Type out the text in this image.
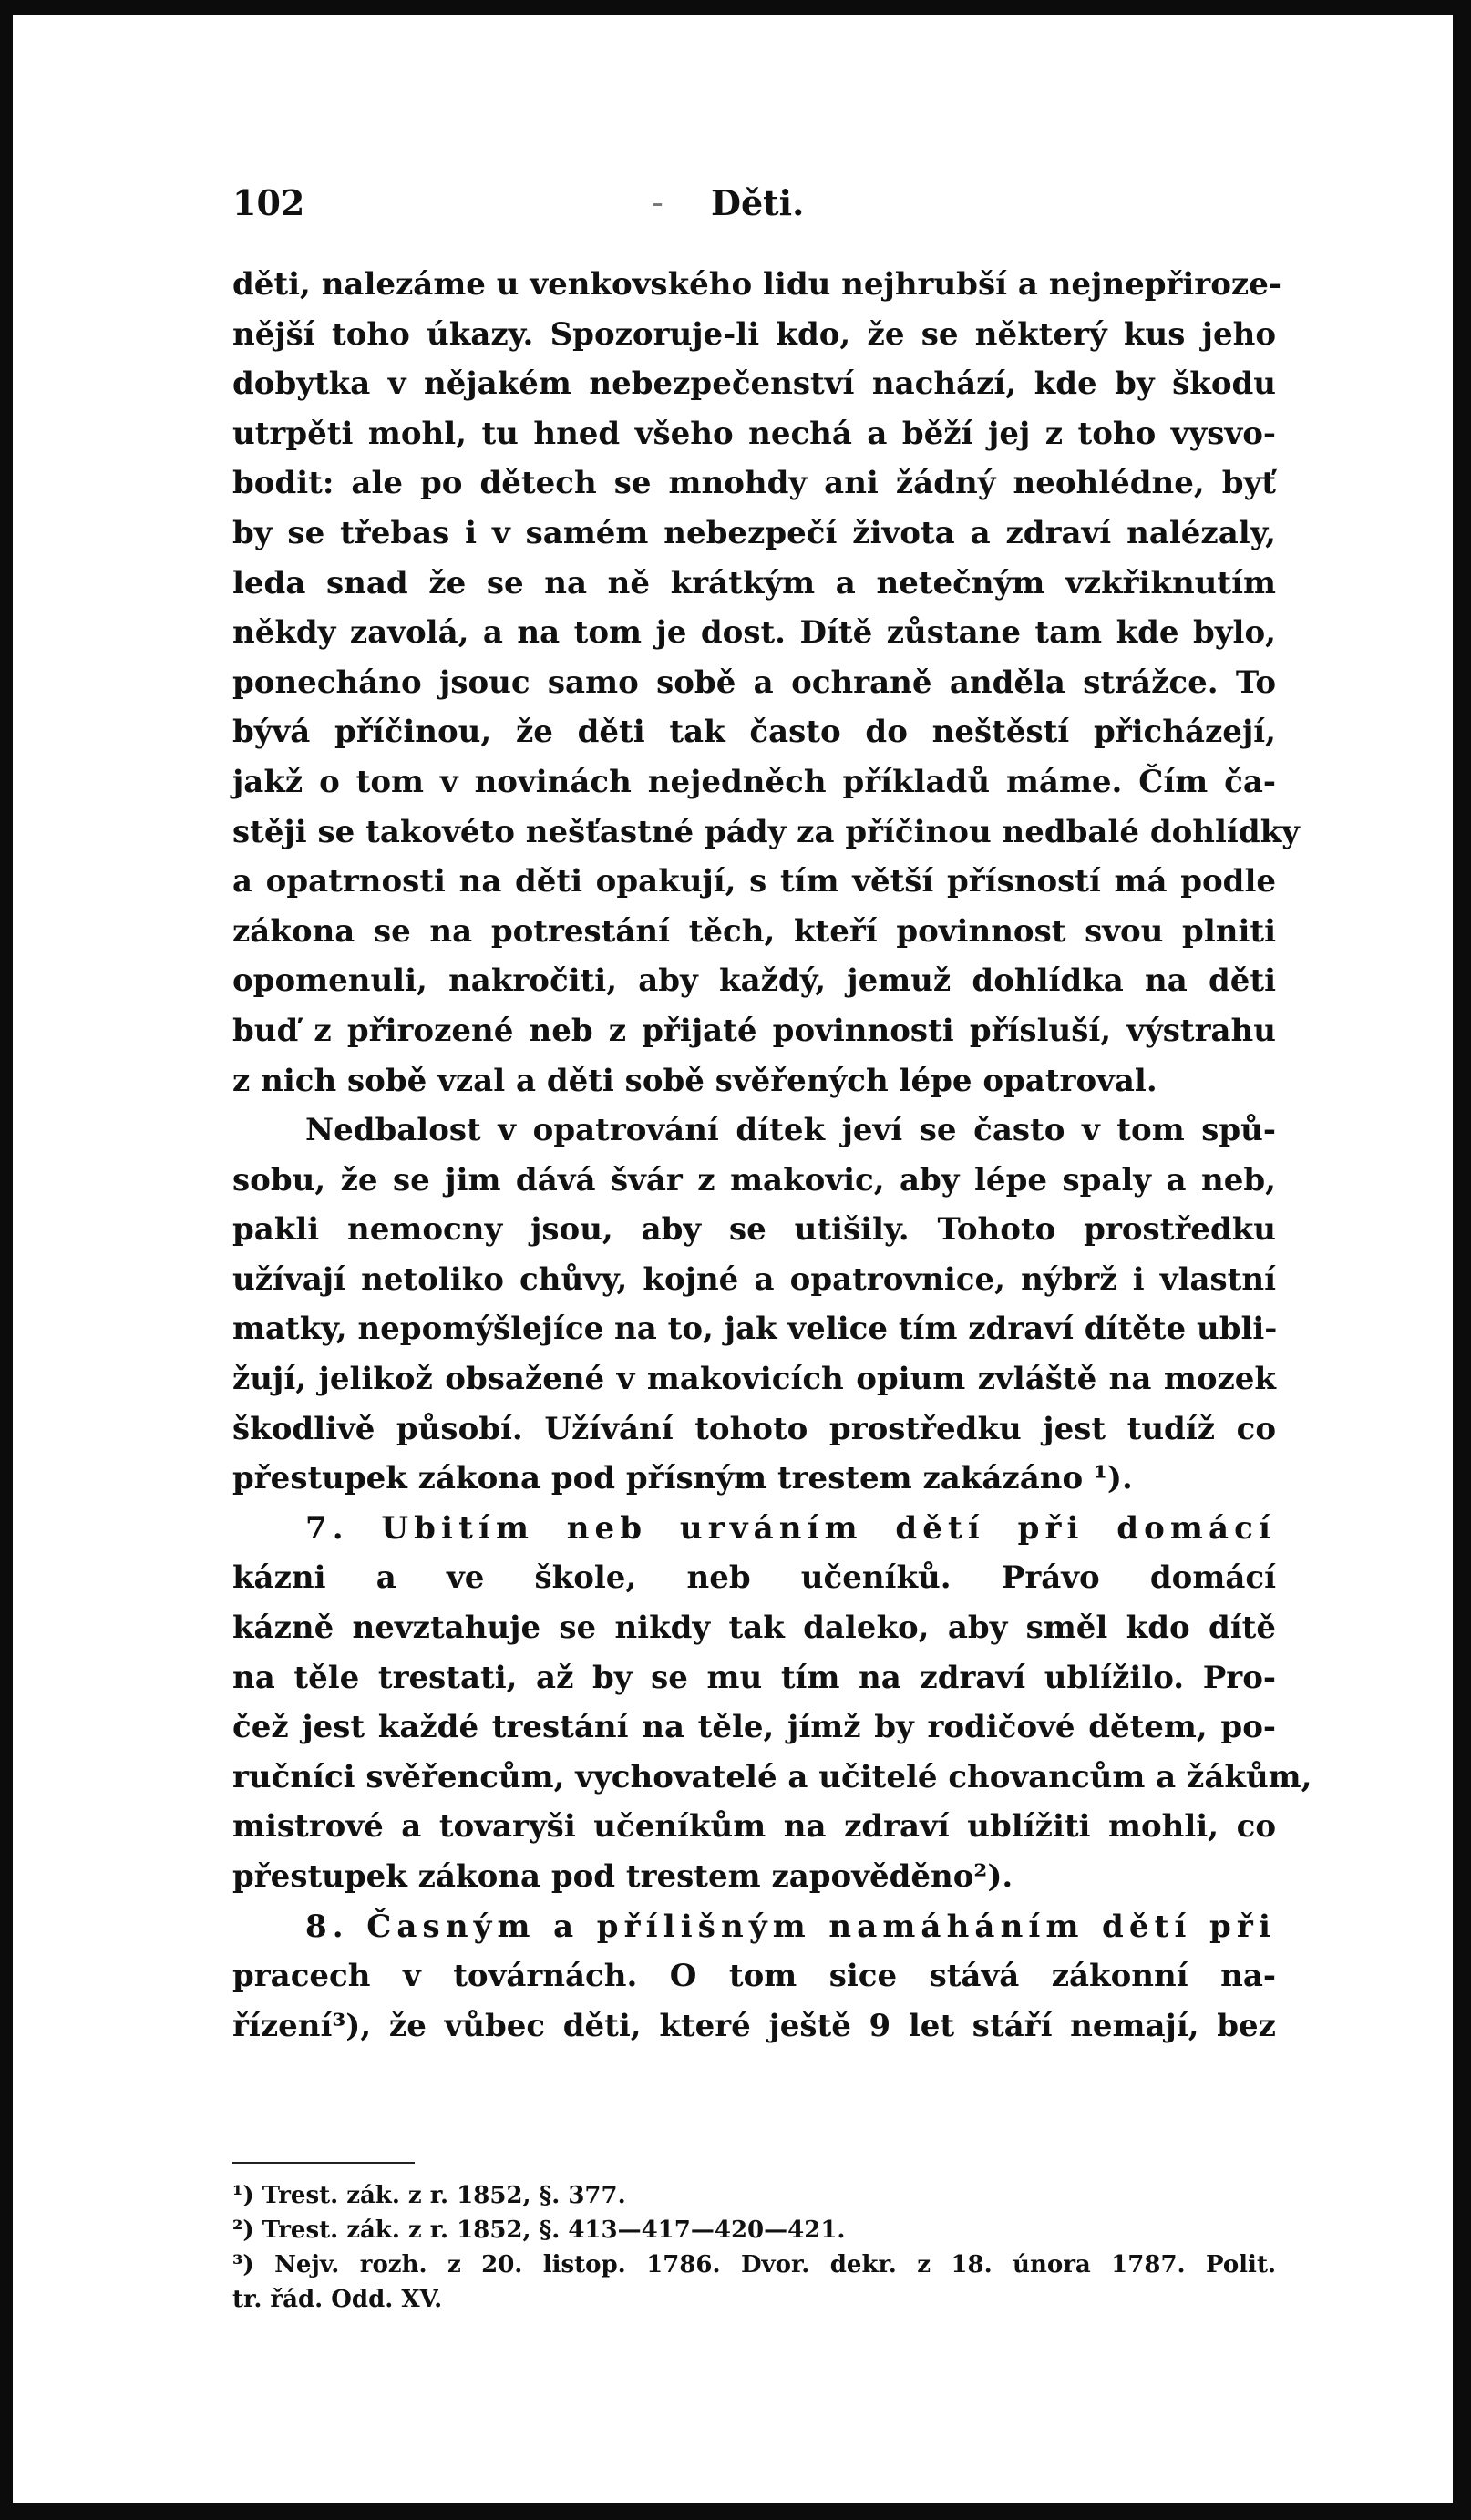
102	- Děti.
děti, nalezáme u venkovského lidu nejhrubší a nejnepřiroze-
nější toho úkazy. Spozoruje-li kdo, že se některý kus jeho
dobytka v nějakém nebezpečenství nachází, kde by škodu
utrpěti mohl, tu hned všeho nechá a běží jej z toho vysvo-
bodit: ale po dětech se mnohdy ani žádný neohlédne, byť
by se třebas i v samém nebezpečí života a zdraví nalézaly,
leda snad že se na ně krátkým a netečným vzkřiknutím
někdy zavolá, a na tom je dost. Dítě zůstane tam kde bylo,
ponecháno jsouc samo sobě a ochraně anděla strážce. To
bývá příčinou, že děti tak často do neštěstí přicházejí,
jakž o tom v novinách nejedněch příkladů máme. Čím ča-
stěji se takovéto nešťastné pády za příčinou nedbalé dohlídky
a opatrnosti na děti opakují, s tím větší přísností má podle
zákona se na potrestání těch, kteří povinnost svou plniti
opomenuli, nakročiti, aby každý, jemuž dohlídka na děti
buď z přirozené neb z přijaté povinnosti přísluší, výstrahu
z nich sobě vzal a děti sobě svěřených lépe opatroval.
Nedbalost v opatrování dítek jeví se často v tom spů-
sobu, že se jim dává švár z makovic, aby lépe spaly a neb,
pakli nemocny jsou, aby se utišily. Tohoto prostředku
užívají netoliko chůvy, kojné a opatrovnice, nýbrž i vlastní
matky, nepomýšlejíce na to, jak velice tím zdraví dítěte ubli-
žují, jelikož obsažené v makovicích opium zvláště na mozek
škodlivě působí. Užívání tohoto prostředku jest tudíž co
přestupek zákona pod přísným trestem zakázáno ¹).
7. Ubitím neb urváním dětí při domácí
kázni a ve škole, neb učeníků. Právo domácí
kázně nevztahuje se nikdy tak daleko, aby směl kdo dítě
na těle trestati, až by se mu tím na zdraví ublížilo. Pro-
čež jest každé trestání na těle, jímž by rodičové dětem, po-
ručníci svěřencům, vychovatelé a učitelé chovancům a žákům,
mistrové a tovaryši učeníkům na zdraví ublížiti mohli, co
přestupek zákona pod trestem zapověděno²).
8. Časným a přílišným namáháním dětí při
pracech v továrnách. O tom sice stává zákonní na-
řízení³), že vůbec děti, které ještě 9 let stáří nemají, bez
¹) Trest. zák. z r. 1852, §. 377.
²) Trest. zák. z r. 1852, §. 413—417—420—421.
³) Nejv. rozh. z 20. listop. 1786. Dvor. dekr. z 18. února 1787. Polit.
tr. řád. Odd. XV.
